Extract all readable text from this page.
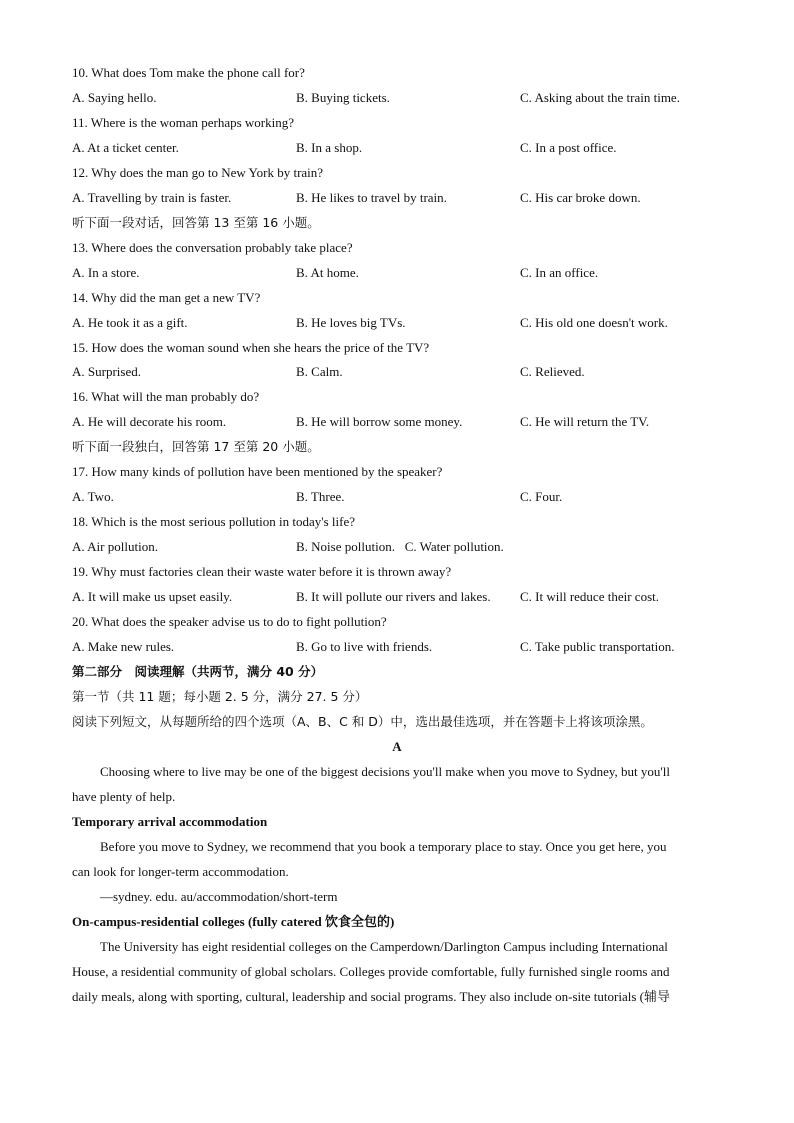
10. What does Tom make the phone call for?
A. Saying hello.	B. Buying tickets.	C. Asking about the train time.
11. Where is the woman perhaps working?
A. At a ticket center.	B. In a shop.	C. In a post office.
12. Why does the man go to New York by train?
A. Travelling by train is faster.	B. He likes to travel by train.	C. His car broke down.
听下面一段对话，回答第 13 至第 16 小题。
13. Where does the conversation probably take place?
A. In a store.	B. At home.	C. In an office.
14. Why did the man get a new TV?
A. He took it as a gift.	B. He loves big TVs.	C. His old one doesn't work.
15. How does the woman sound when she hears the price of the TV?
A. Surprised.	B. Calm.	C. Relieved.
16. What will the man probably do?
A. He will decorate his room.	B. He will borrow some money.	C. He will return the TV.
听下面一段独白，回答第 17 至第 20 小题。
17. How many kinds of pollution have been mentioned by the speaker?
A. Two.	B. Three.	C. Four.
18. Which is the most serious pollution in today's life?
A. Air pollution.	B. Noise pollution.   C. Water pollution.
19. Why must factories clean their waste water before it is thrown away?
A. It will make us upset easily.	B. It will pollute our rivers and lakes. C. It will reduce their cost.
20. What does the speaker advise us to do to fight pollution?
A. Make new rules.	B. Go to live with friends.	C. Take public transportation.
第二部分　阅读理解（共两节，满分 40 分）
第一节（共 11 题；每小题 2. 5 分，满分 27. 5 分）
阅读下列短文，从每题所给的四个选项（A、B、C 和 D）中，选出最佳选项，并在答题卡上将该项涂黑。
A
Choosing where to live may be one of the biggest decisions you'll make when you move to Sydney, but you'll
have plenty of help.
Temporary arrival accommodation
Before you move to Sydney, we recommend that you book a temporary place to stay. Once you get here, you
can look for longer-term accommodation.
—sydney. edu. au/accommodation/short-term
On-campus-residential colleges (fully catered 饮食全包的)
The University has eight residential colleges on the Camperdown/Darlington Campus including International
House, a residential community of global scholars. Colleges provide comfortable, fully furnished single rooms and
daily meals, along with sporting, cultural, leadership and social programs. They also include on-site tutorials (辅导
